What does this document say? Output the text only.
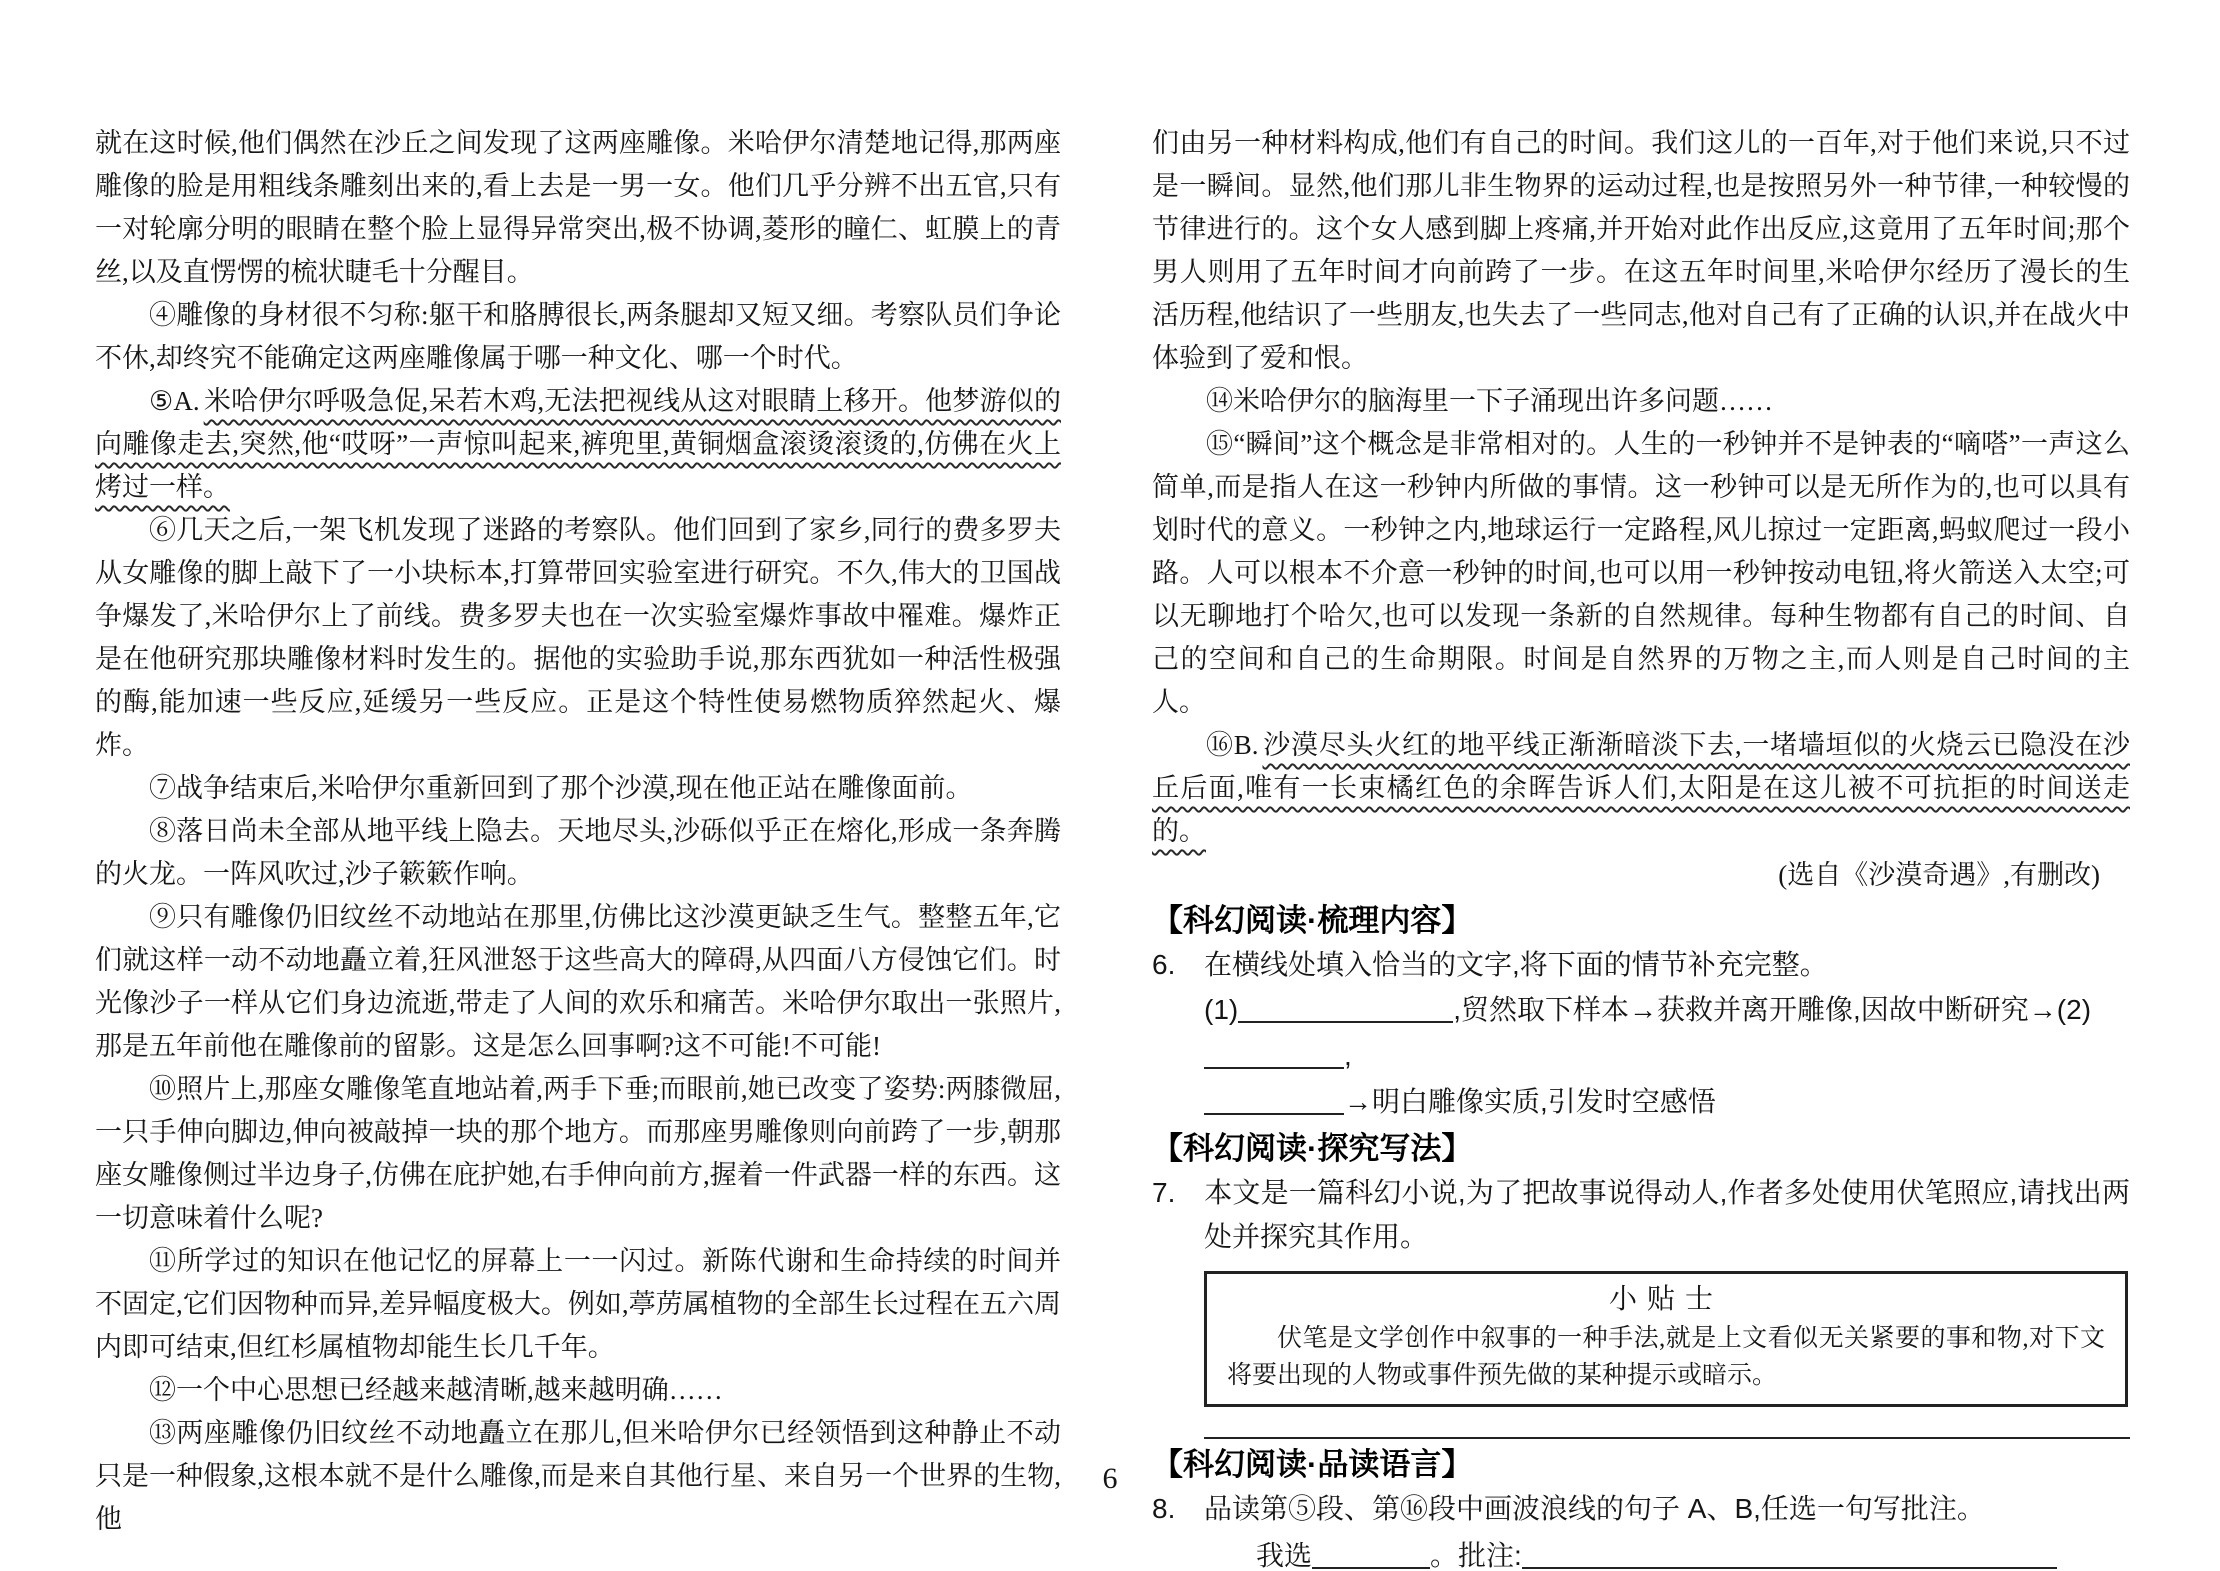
就在这时候,他们偶然在沙丘之间发现了这两座雕像。米哈伊尔清楚地记得,那两座雕像的脸是用粗线条雕刻出来的,看上去是一男一女。他们几乎分辨不出五官,只有一对轮廓分明的眼睛在整个脸上显得异常突出,极不协调,菱形的瞳仁、虹膜上的青丝,以及直愣愣的梳状睫毛十分醒目。

④雕像的身材很不匀称:躯干和胳膊很长,两条腿却又短又细。考察队员们争论不休,却终究不能确定这两座雕像属于哪一种文化、哪一个时代。

⑤A. 米哈伊尔呼吸急促,呆若木鸡,无法把视线从这对眼睛上移开。他梦游似的向雕像走去,突然,他“哎呀”一声惊叫起来,裤兜里,黄铜烟盒滚烫滚烫的,仿佛在火上烤过一样。

⑥几天之后,一架飞机发现了迷路的考察队。他们回到了家乡,同行的费多罗夫从女雕像的脚上敲下了一小块标本,打算带回实验室进行研究。不久,伟大的卫国战争爆发了,米哈伊尔上了前线。费多罗夫也在一次实验室爆炸事故中罹难。爆炸正是在他研究那块雕像材料时发生的。据他的实验助手说,那东西犹如一种活性极强的酶,能加速一些反应,延缓另一些反应。正是这个特性使易燃物质猝然起火、爆炸。

⑦战争结束后,米哈伊尔重新回到了那个沙漠,现在他正站在雕像面前。

⑧落日尚未全部从地平线上隐去。天地尽头,沙砾似乎正在熔化,形成一条奔腾的火龙。一阵风吹过,沙子簌簌作响。

⑨只有雕像仍旧纹丝不动地站在那里,仿佛比这沙漠更缺乏生气。整整五年,它们就这样一动不动地矗立着,狂风泄怒于这些高大的障碍,从四面八方侵蚀它们。时光像沙子一样从它们身边流逝,带走了人间的欢乐和痛苦。米哈伊尔取出一张照片,那是五年前他在雕像前的留影。这是怎么回事啊?这不可能!不可能!

⑩照片上,那座女雕像笔直地站着,两手下垂;而眼前,她已改变了姿势:两膝微屈,一只手伸向脚边,伸向被敲掉一块的那个地方。而那座男雕像则向前跨了一步,朝那座女雕像侧过半边身子,仿佛在庇护她,右手伸向前方,握着一件武器一样的东西。这一切意味着什么呢?

⑪所学过的知识在他记忆的屏幕上一一闪过。新陈代谢和生命持续的时间并不固定,它们因物种而异,差异幅度极大。例如,葶苈属植物的全部生长过程在五六周内即可结束,但红杉属植物却能生长几千年。

⑫一个中心思想已经越来越清晰,越来越明确……

⑬两座雕像仍旧纹丝不动地矗立在那儿,但米哈伊尔已经领悟到这种静止不动只是一种假象,这根本就不是什么雕像,而是来自其他行星、来自另一个世界的生物,他

们由另一种材料构成,他们有自己的时间。我们这儿的一百年,对于他们来说,只不过是一瞬间。显然,他们那儿非生物界的运动过程,也是按照另外一种节律,一种较慢的节律进行的。这个女人感到脚上疼痛,并开始对此作出反应,这竟用了五年时间;那个男人则用了五年时间才向前跨了一步。在这五年时间里,米哈伊尔经历了漫长的生活历程,他结识了一些朋友,也失去了一些同志,他对自己有了正确的认识,并在战火中体验到了爱和恨。

⑭米哈伊尔的脑海里一下子涌现出许多问题……

⑮“瞬间”这个概念是非常相对的。人生的一秒钟并不是钟表的“嘀嗒”一声这么简单,而是指人在这一秒钟内所做的事情。这一秒钟可以是无所作为的,也可以具有划时代的意义。一秒钟之内,地球运行一定路程,风儿掠过一定距离,蚂蚁爬过一段小路。人可以根本不介意一秒钟的时间,也可以用一秒钟按动电钮,将火箭送入太空;可以无聊地打个哈欠,也可以发现一条新的自然规律。每种生物都有自己的时间、自己的空间和自己的生命期限。时间是自然界的万物之主,而人则是自己时间的主人。

⑯B. 沙漠尽头火红的地平线正渐渐暗淡下去,一堵墙垣似的火烧云已隐没在沙丘后面,唯有一长束橘红色的余晖告诉人们,太阳是在这儿被不可抗拒的时间送走的。

(选自《沙漠奇遇》,有删改)

【科幻阅读·梳理内容】

6. 在横线处填入恰当的文字,将下面的情节补充完整。

(1)	,贸然取下样本→获救并离开雕像,因故中断研究→(2),

→明白雕像实质,引发时空感悟

【科幻阅读·探究写法】

7. 本文是一篇科幻小说,为了把故事说得动人,作者多处使用伏笔照应,请找出两处并探究其作用。

小贴士

伏笔是文学创作中叙事的一种手法,就是上文看似无关紧要的事和物,对下文将要出现的人物或事件预先做的某种提示或暗示。

【科幻阅读·品读语言】

8. 品读第⑤段、第⑯段中画波浪线的句子 A、B,任选一句写批注。

我选	。批注:

6
